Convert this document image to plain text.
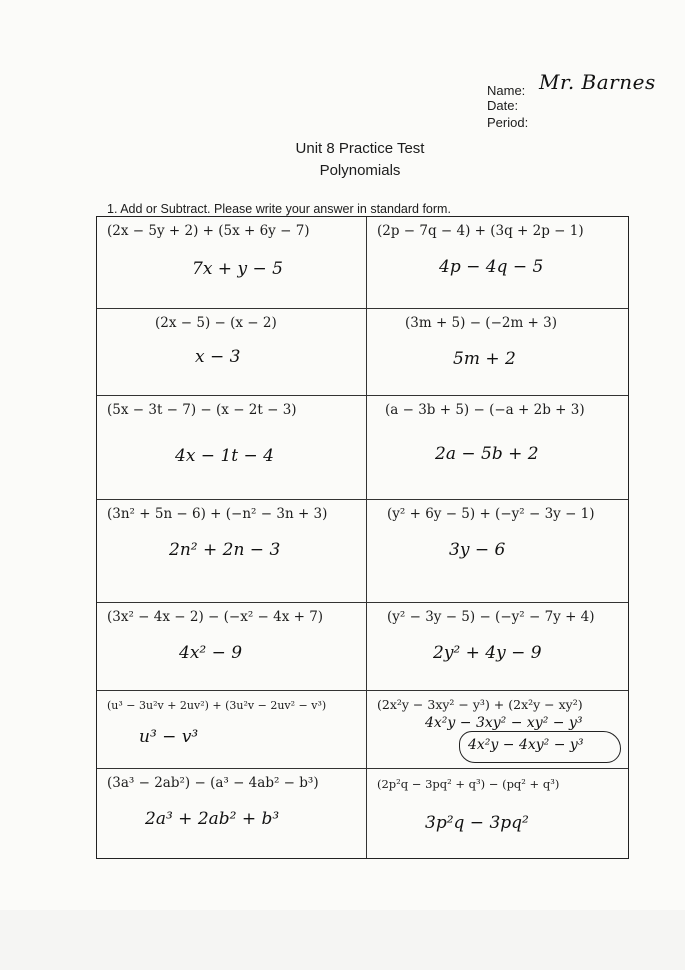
Name: Mr. Barnes
Date:
Period:
Unit 8 Practice Test
Polynomials
1. Add or Subtract. Please write your answer in standard form.
(2x − 5y + 2) + (5x + 6y − 7)
7x + y − 5
(2p − 7q − 4) + (3q + 2p − 1)
4p − 4q − 5
(2x − 5) − (x − 2)
x − 3
(3m + 5) − (−2m + 3)
5m + 2
(5x − 3t − 7) − (x − 2t − 3)
4x − 1t − 4
(a − 3b + 5) − (−a + 2b + 3)
2a − 5b + 2
(3n² + 5n − 6) + (−n² − 3n + 3)
2n² + 2n − 3
(y² + 6y − 5) + (−y² − 3y − 1)
3y − 6
(3x² − 4x − 2) − (−x² − 4x + 7)
4x² − 9
(y² − 3y − 5) − (−y² − 7y + 4)
2y² + 4y − 9
(u³ − 3u²v + 2uv²) + (3u²v − 2uv² − v³)
u³ − v³
(2x²y − 3xy² − y³) + (2x²y − xy²)
4x²y − 3xy² − xy² − y³
4x²y − 4xy² − y³
(3a³ − 2ab²) − (a³ − 4ab² − b³)
2a³ + 2ab² + b³
(2p²q − 3pq² + q³) − (pq² + q³)
3p²q − 3pq²
